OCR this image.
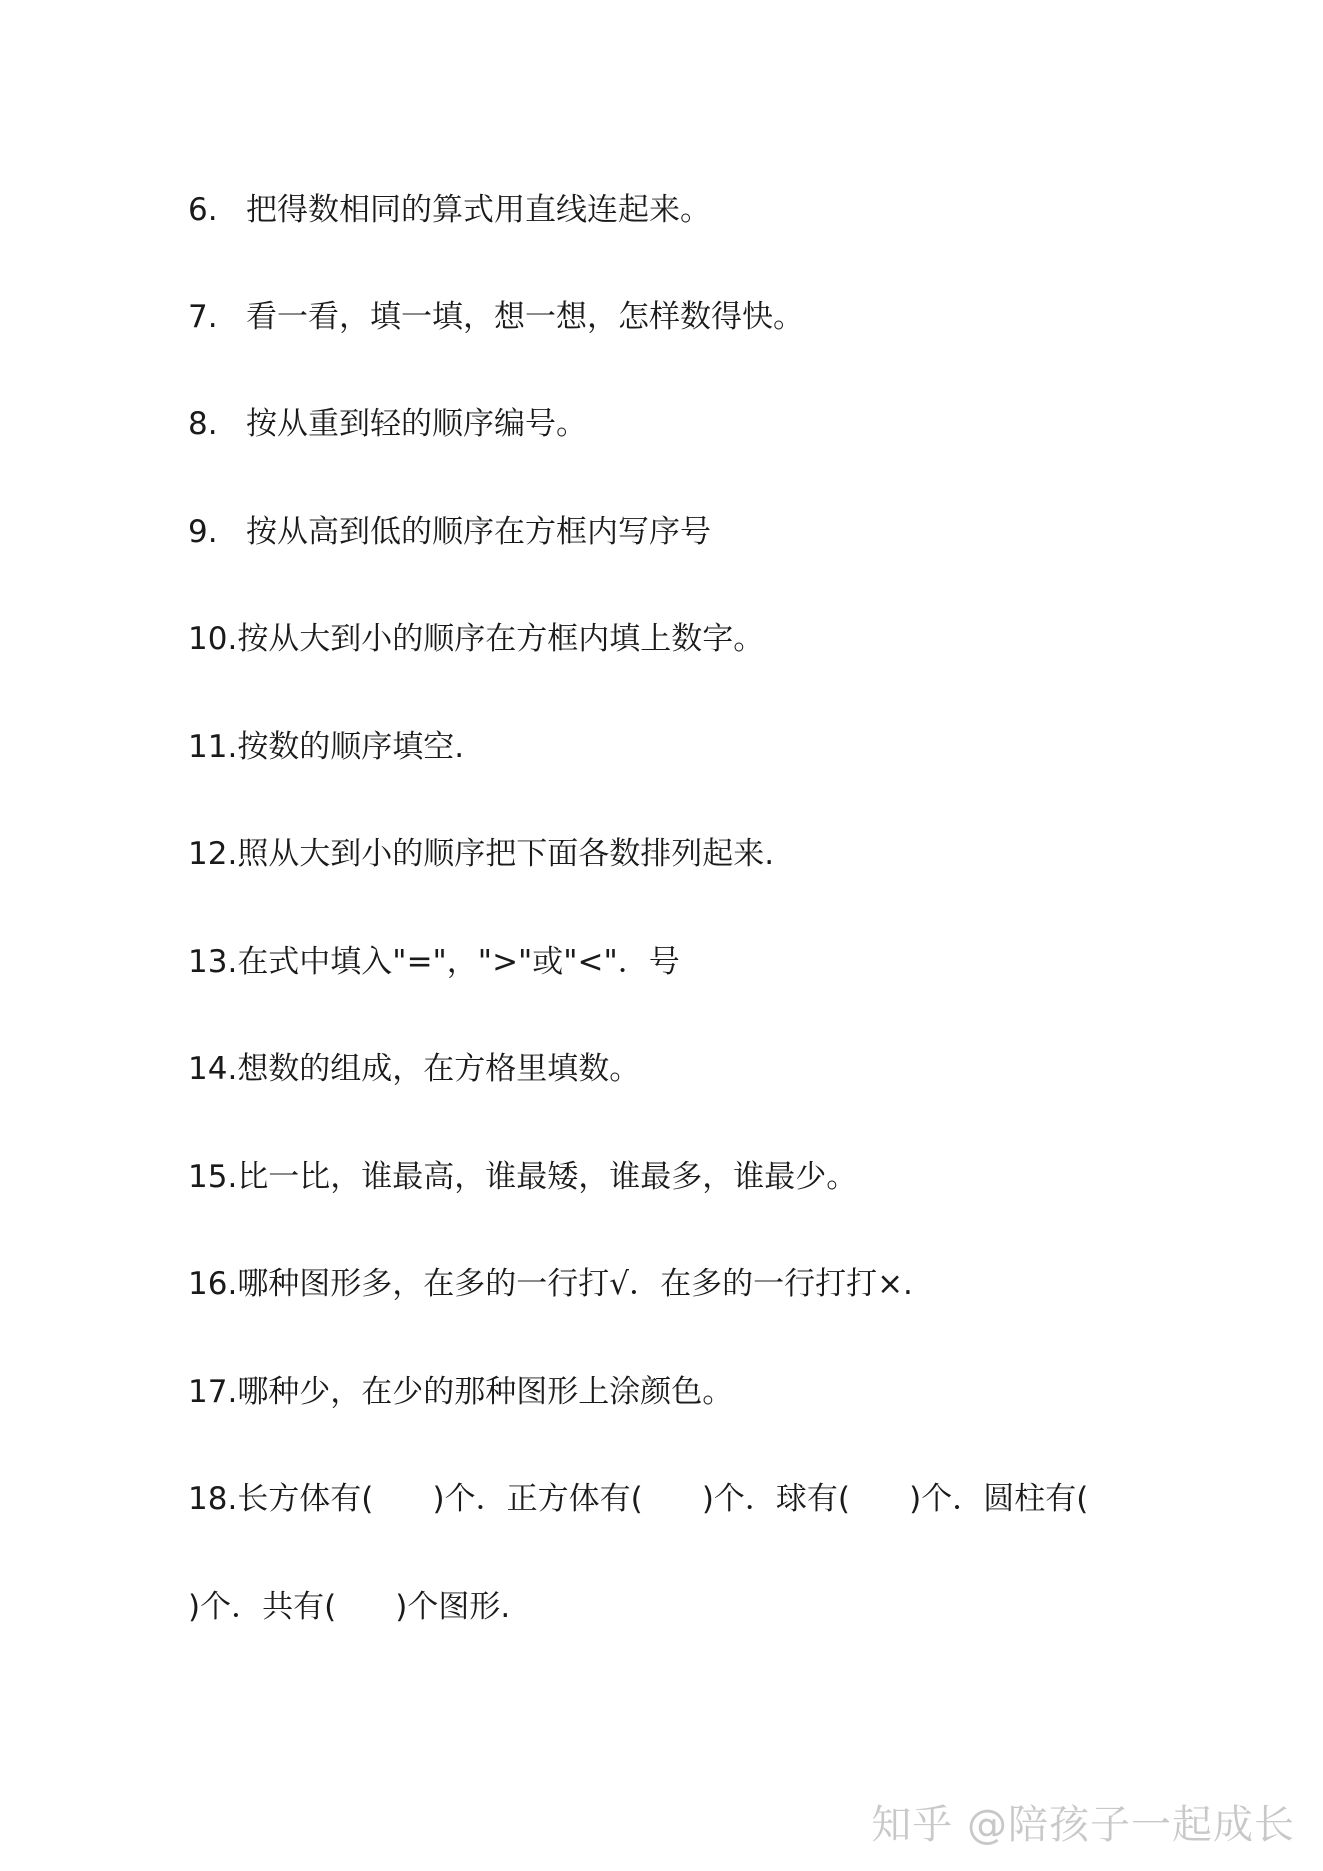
6. 把得数相同的算式用直线连起来。
7. 看一看，填一填，想一想，怎样数得快。
8. 按从重到轻的顺序编号。
9. 按从高到低的顺序在方框内写序号
10.按从大到小的顺序在方框内填上数字。
11.按数的顺序填空.
12.照从大到小的顺序把下面各数排列起来.
13.在式中填入"="，">"或"<"．号
14.想数的组成，在方格里填数。
15.比一比，谁最高，谁最矮，谁最多，谁最少。
16.哪种图形多，在多的一行打√．在多的一行打打×.
17.哪种少，在少的那种图形上涂颜色。
18.长方体有(      )个．正方体有(      )个．球有(      )个．圆柱有(
)个．共有(      )个图形.
知乎 @陪孩子一起成长
